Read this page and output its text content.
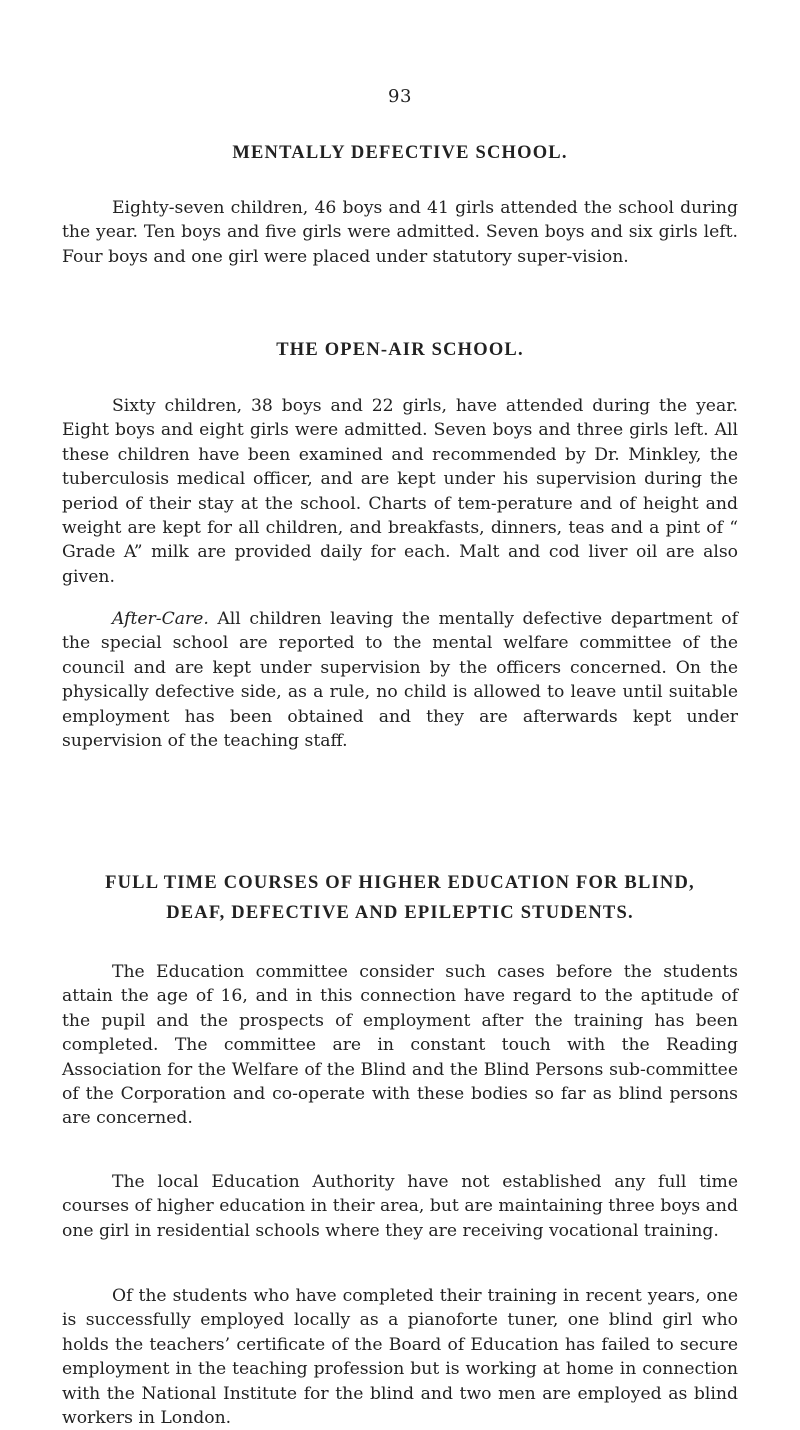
93
MENTALLY DEFECTIVE SCHOOL.

Eighty-seven children, 46 boys and 41 girls attended the school during the year. Ten boys and five girls were admitted. Seven boys and six girls left. Four boys and one girl were placed under statutory super-vision.

THE OPEN-AIR SCHOOL.

Sixty children, 38 boys and 22 girls, have attended during the year. Eight boys and eight girls were admitted. Seven boys and three girls left. All these children have been examined and recommended by Dr. Minkley, the tuberculosis medical officer, and are kept under his supervision during the period of their stay at the school. Charts of tem-perature and of height and weight are kept for all children, and breakfasts, dinners, teas and a pint of “ Grade A” milk are provided daily for each. Malt and cod liver oil are also given.

After-Care. All children leaving the mentally defective department of the special school are reported to the mental welfare committee of the council and are kept under supervision by the officers concerned. On the physically defective side, as a rule, no child is allowed to leave until suitable employment has been obtained and they are afterwards kept under supervision of the teaching staff.

FULL TIME COURSES OF HIGHER EDUCATION FOR BLIND,
DEAF, DEFECTIVE AND EPILEPTIC STUDENTS.

The Education committee consider such cases before the students attain the age of 16, and in this connection have regard to the aptitude of the pupil and the prospects of employment after the training has been completed. The committee are in constant touch with the Reading Association for the Welfare of the Blind and the Blind Persons sub-committee of the Corporation and co-operate with these bodies so far as blind persons are concerned.

The local Education Authority have not established any full time courses of higher education in their area, but are maintaining three boys and one girl in residential schools where they are receiving vocational training.

Of the students who have completed their training in recent years, one is successfully employed locally as a pianoforte tuner, one blind girl who holds the teachers’ certificate of the Board of Education has failed to secure employment in the teaching profession but is working at home in connection with the National Institute for the blind and two men are employed as blind workers in London.
